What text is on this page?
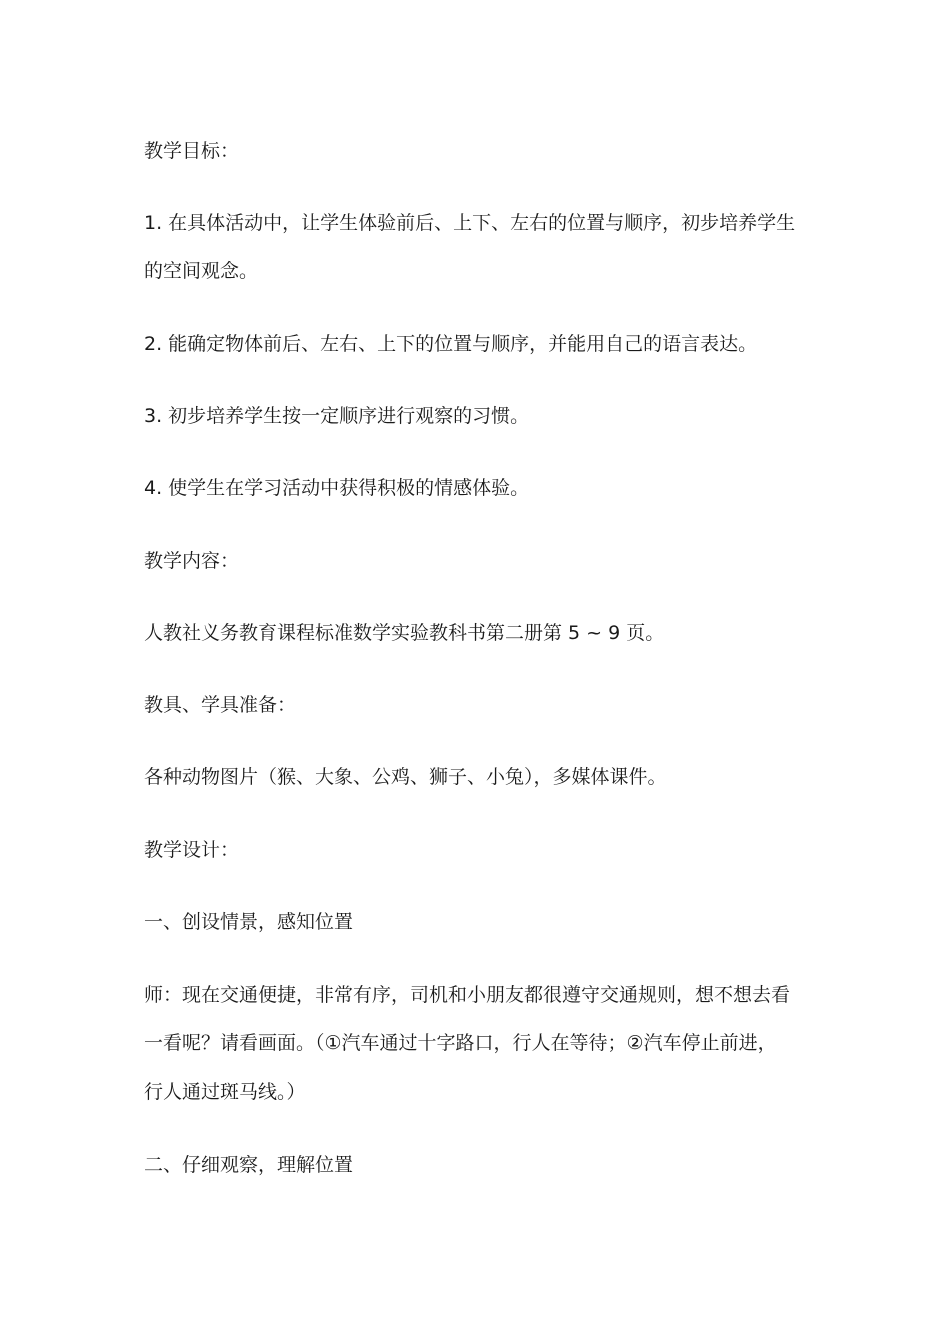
教学目标：
1. 在具体活动中，让学生体验前后、上下、左右的位置与顺序，初步培养学生
的空间观念。
2. 能确定物体前后、左右、上下的位置与顺序，并能用自己的语言表达。
3. 初步培养学生按一定顺序进行观察的习惯。
4. 使学生在学习活动中获得积极的情感体验。
教学内容：
人教社义务教育课程标准数学实验教科书第二册第 5 ~ 9 页。
教具、学具准备：
各种动物图片（猴、大象、公鸡、狮子、小兔），多媒体课件。
教学设计：
一、创设情景，感知位置
师：现在交通便捷，非常有序，司机和小朋友都很遵守交通规则，想不想去看
一看呢？请看画面。（①汽车通过十字路口，行人在等待；②汽车停止前进，
行人通过斑马线。）
二、仔细观察，理解位置
